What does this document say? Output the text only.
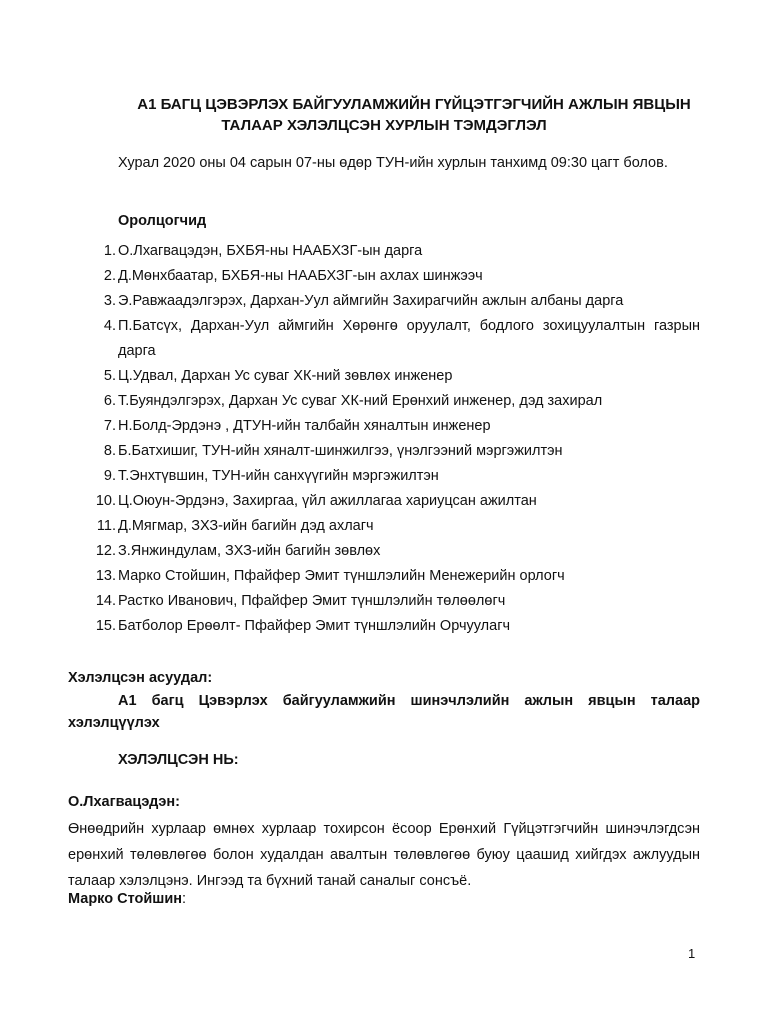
А1 БАГЦ ЦЭВЭРЛЭХ БАЙГУУЛАМЖИЙН ГҮЙЦЭТГЭГЧИЙН АЖЛЫН ЯВЦЫН
ТАЛААР ХЭЛЭЛЦСЭН ХУРЛЫН ТЭМДЭГЛЭЛ
Хурал 2020 оны 04 сарын 07-ны өдөр ТУН-ийн хурлын танхимд 09:30 цагт болов.
Оролцогчид
1. О.Лхагвацэдэн, БХБЯ-ны НААБХЗГ-ын дарга
2. Д.Мөнхбаатар, БХБЯ-ны НААБХЗГ-ын ахлах шинжээч
3. Э.Равжаадэлгэрэх, Дархан-Уул аймгийн Захирагчийн ажлын албаны дарга
4. П.Батсүх, Дархан-Уул аймгийн Хөрөнгө оруулалт, бодлого зохицуулалтын газрын дарга
5. Ц.Удвал, Дархан Ус суваг ХК-ний зөвлөх инженер
6. Т.Буяндэлгэрэх, Дархан Ус суваг ХК-ний Ерөнхий инженер, дэд захирал
7. Н.Болд-Эрдэнэ , ДТУН-ийн талбайн хяналтын инженер
8. Б.Батхишиг, ТУН-ийн хяналт-шинжилгээ, үнэлгээний мэргэжилтэн
9. Т.Энхтүвшин, ТУН-ийн санхүүгийн мэргэжилтэн
10. Ц.Оюун-Эрдэнэ, Захиргаа, үйл ажиллагаа хариуцсан ажилтан
11. Д.Мягмар, ЗХЗ-ийн багийн дэд ахлагч
12. З.Янжиндулам, ЗХЗ-ийн багийн зөвлөх
13. Марко Стойшин, Пфайфер Эмит түншлэлийн Менежерийн орлогч
14. Растко Иванович, Пфайфер Эмит түншлэлийн төлөөлөгч
15. Батболор Ерөөлт- Пфайфер Эмит түншлэлийн Орчуулагч
Хэлэлцсэн асуудал:
А1 багц Цэвэрлэх байгууламжийн шинэчлэлийн ажлын явцын талаар хэлэлцүүлэх
ХЭЛЭЛЦСЭН НЬ:
О.Лхагвацэдэн:
Өнөөдрийн хурлаар өмнөх хурлаар тохирсон ёсоор Ерөнхий Гүйцэтгэгчийн шинэчлэгдсэн ерөнхий төлөвлөгөө болон худалдан авалтын төлөвлөгөө буюу цаашид хийгдэх ажлуудын талаар хэлэлцэнэ. Ингээд та бүхний танай саналыг сонсъё.
Марко Стойшин:
1
